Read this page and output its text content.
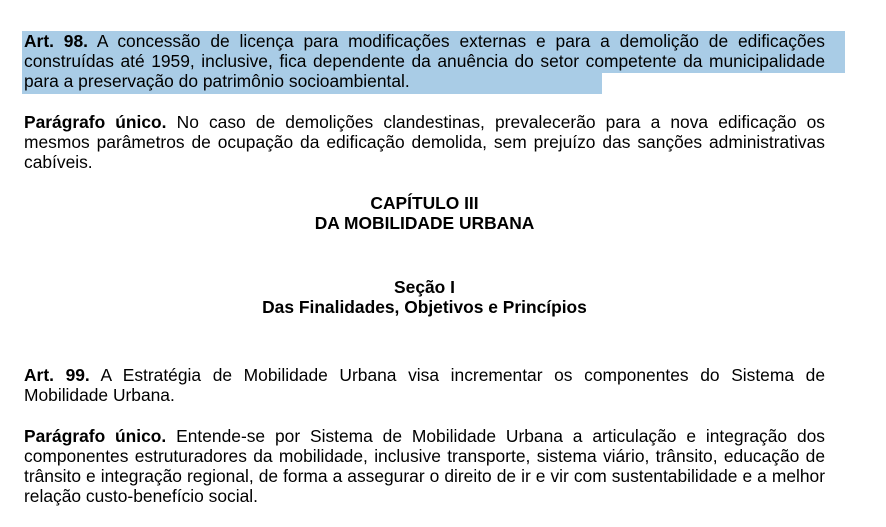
Art. 98. A concessão de licença para modificações externas e para a demolição de edificações construídas até 1959, inclusive, fica dependente da anuência do setor competente da municipalidade para a preservação do patrimônio socioambiental.

Parágrafo único. No caso de demolições clandestinas, prevalecerão para a nova edificação os mesmos parâmetros de ocupação da edificação demolida, sem prejuízo das sanções administrativas cabíveis.

CAPÍTULO III

DA MOBILIDADE URBANA

Seção I

Das Finalidades, Objetivos e Princípios

Art. 99. A Estratégia de Mobilidade Urbana visa incrementar os componentes do Sistema de Mobilidade Urbana.

Parágrafo único. Entende-se por Sistema de Mobilidade Urbana a articulação e integração dos componentes estruturadores da mobilidade, inclusive transporte, sistema viário, trânsito, educação de trânsito e integração regional, de forma a assegurar o direito de ir e vir com sustentabilidade e a melhor relação custo-benefício social.
